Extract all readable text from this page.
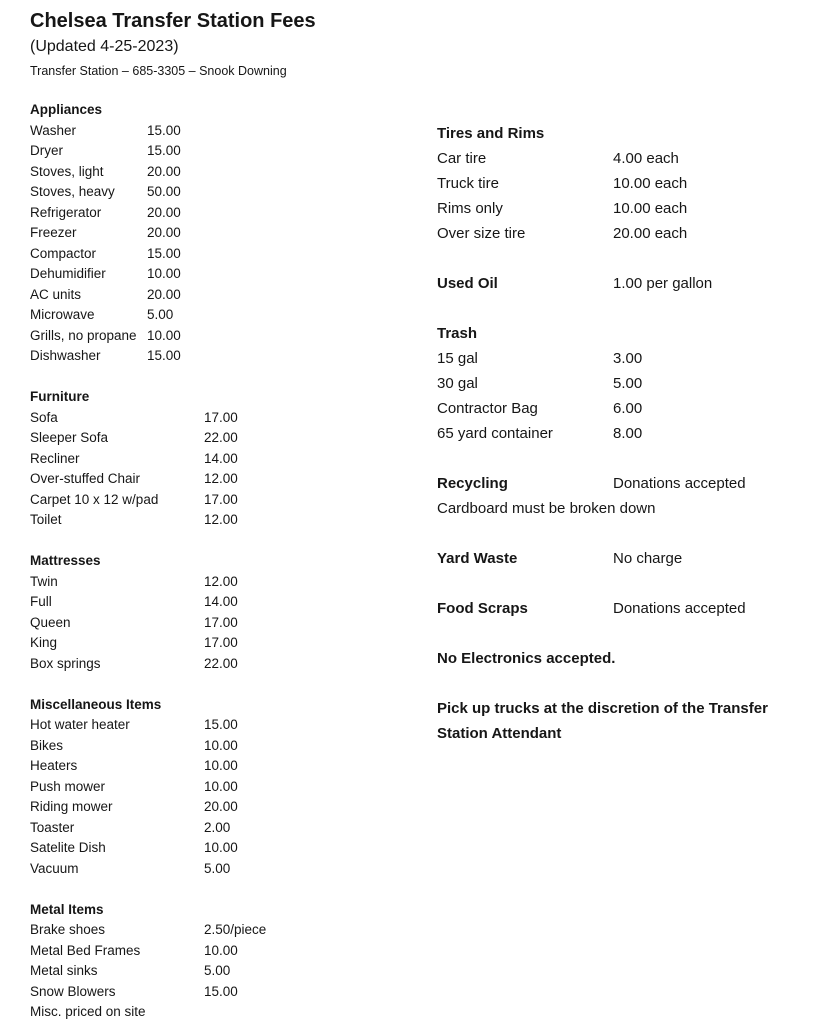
Chelsea Transfer Station Fees
(Updated 4-25-2023)
Transfer Station – 685-3305 – Snook Downing
Appliances
Washer	15.00
Dryer	15.00
Stoves, light	20.00
Stoves, heavy	50.00
Refrigerator	20.00
Freezer	20.00
Compactor	15.00
Dehumidifier	10.00
AC units	20.00
Microwave	5.00
Grills, no propane 10.00
Dishwasher	15.00
Furniture
Sofa	17.00
Sleeper Sofa	22.00
Recliner	14.00
Over-stuffed Chair	12.00
Carpet 10 x 12 w/pad	17.00
Toilet	12.00
Mattresses
Twin	12.00
Full	14.00
Queen	17.00
King	17.00
Box springs	22.00
Miscellaneous Items
Hot water heater	15.00
Bikes	10.00
Heaters	10.00
Push mower	10.00
Riding mower	20.00
Toaster	2.00
Satelite Dish	10.00
Vacuum	5.00
Metal Items
Brake shoes	2.50/piece
Metal Bed Frames	10.00
Metal sinks	5.00
Snow Blowers	15.00
Misc. priced on site
Tires and Rims
Car tire	4.00 each
Truck tire	10.00 each
Rims only	10.00 each
Over size tire	20.00 each
Used Oil	1.00 per gallon
Trash
15 gal	3.00
30 gal	5.00
Contractor Bag	6.00
65 yard container	8.00
Recycling	Donations accepted
Cardboard must be broken down
Yard Waste	No charge
Food Scraps	Donations accepted
No Electronics accepted.
Pick up trucks at the discretion of the Transfer Station Attendant
